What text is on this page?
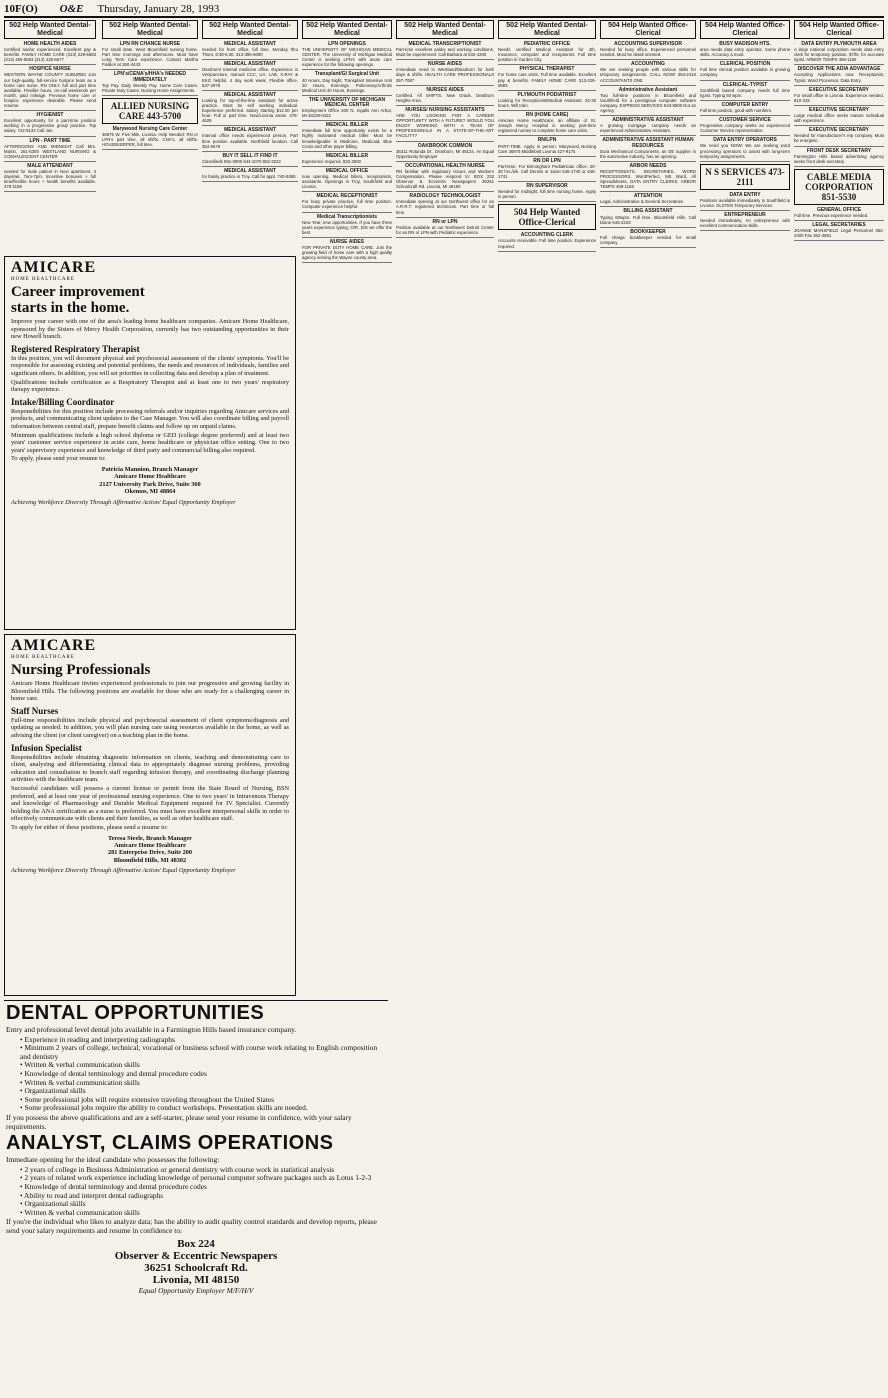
10F(O) O&E Thursday, January 28, 1993
502 Help Wanted Dental-Medical
HOME HEALTH AIDES
Certified and/or experienced. Excellent pay & benefits. FAMILY HOME CARE (313) 229-5683 (313) 455-5683 (313) 420-6677
HOSPICE NURSE
WESTERN WAYNE COUNTY SUBURBS Join our high-quality, full-service hospice team as a home care nurse. RN ONLY, full and part time available. Flexible hours, on-call weekends per month, paid mileage. Previous home care or hospice experience desirable. Please send resume.
HYGIENIST
Excellent opportunity for a part-time position working in a progressive group practice. Top salary. 722-5133 Call Jan.
LPN - PART TIME
AFTERNOONS AND MIDNIGHT Call Mrs. Martin, 261-5300 WESTLAND NURSING & CONVALESCENT CENTER
MALE ATTENDANT
needed for male patient in Novi apartment. 4 days/wk, 7am-7pm. Incentive bonuses + full time/flexible hours + health benefits available. 478-1155
502 Help Wanted Dental-Medical
LPN RN CHANCE NURSE
For small state. West Bloomfield nursing home. Part time mornings and afternoons. Must have Long Term Care experience. Contact Martha Fielden at 360-4443
LPN's/CENA's/HHA's NEEDED IMMEDIATELY
Top Pay. Daily Weekly Pay. Home Care Cases. Private Duty Cases. Nursing Home Assignments.
ALLIED NURSING CARE 443-5700
Marywood Nursing Care Center
36975 W. Five Mile, Livonia. Help Needed: RN or LPN's part time, all shifts. CNA's, all shifts. HOUSEKEEPER, full time.
502 Help Wanted Dental-Medical
MEDICAL ASSISTANT
needed for front office, full time. Monday thru Thurs, 8:30-6:30. 313-395-6090
MEDICAL ASSISTANT
Dearborn/ Internal medicine office. Experience in Venipuncture, manual CCC, UA, LAB, X-RAY & EKG helpful. 4 day work week, Flexible office. 537-2978
MEDICAL ASSISTANT
Looking for top-of-the-line assistant for active practice. Must be self working individual. Experience preferred. Salary starting $12.00 per hour. Full or part time. Novi/Livonia areas. 478-4629
MEDICAL ASSISTANT
Internal office needs experienced person. Part time position available. Northfield location. Call 354-6679
BUY IT SELL IT FIND IT
Classifieds 591-0900 644-1070 852-3222
MEDICAL ASSISTANT
for family practice in Troy. Call for appt. 740-9365
502 Help Wanted Dental-Medical
LPN OPENINGS
THE UNIVERSITY OF MICHIGAN MEDICAL CENTER. The University of Michigan Medical Center is seeking LPN's with acute care experience for the following openings.
Transplant/GI Surgical Unit
40 Hours, Day Night. Transplant Intensive Unit 20 Hours, Evenings. Pulmonary/Arthritis Medical Unit 40 Hours, Evenings.
THE UNIVERSITY OF MICHIGAN MEDICAL CENTER
Employment Office 300 N. Ingalls Ann Arbor, MI 48109-0422
MEDICAL BILLER
Immediate full time opportunity exists for a highly motivated medical biller. Must be knowledgeable in Medicare, Medicaid, Blue Cross and other payer billing.
MEDICAL BILLER
Experience required. 932-2500
MEDICAL OFFICE
now opening. Medical billers, receptionists, assistants. Openings in Troy, Southfield and Livonia.
MEDICAL RECEPTIONIST
For busy private practice, full time position. Computer experience helpful.
Medical Transcriptionists
New Year, new opportunities. If you have three years experience typing, O/R, D/S we offer the best.
NURSE AIDES
FOR PRIVATE DUTY HOME CARE. Join the growing field of home care with a high quality agency serving the Wayne county area.
502 Help Wanted Dental-Medical
MEDICAL TRANSCRIPTIONIST
Part-time excellent salary and working conditions. Must be experienced. Call Barbara at 532-4200
NURSE AIDES
Immediate need in Westland/Dearborn for both days & shifts. HEALTH CARE PROFESSIONALS 357-7087
NURSES AIDES
Certified. All SHIFTS. New Grads. Dearborn Heights Area.
NURSES/ NURSING ASSISTANTS
ARE YOU LOOKING FOR A CAREER OPPORTUNITY WITH A FUTURE? WOULD YOU ENJOY WORKING WITH A TEAM OF PROFESSIONALS IN A STATE-OF-THE-ART FACILITY?
OAKBROOK COMMON
36311 Rotunda Dr., Dearborn, MI 48124. An Equal Opportunity Employer
OCCUPATIONAL HEALTH NURSE
RN familiar with regulatory issues and Workers Compensation. Please respond to: BOX 232 Observer & Eccentric Newspapers 36251 Schoolcraft Rd. Livonia, MI 48150
RADIOLOGY TECHNOLOGIST
Immediate opening at our Northwest office for an A.R.R.T. registered technician. Part time or full time.
RN or LPN
Position available at our Northwest Detroit Center for an RN or LPN with Pediatric experience.
502 Help Wanted Dental-Medical
PEDIATRIC OFFICE
Needs certified Medical Assistant for 4th, Insurance, computer and receptionist. Full time position in Garden City.
PHYSICAL THERAPIST
For home care visits. Full time available. Excellent pay & benefits. FAMILY HOME CARE 313-229-5683
PLYMOUTH PODIATRIST
Looking for Receptionist/Medical Assistant. 32-35 hours. Will train.
RN (HOME CARE)
Amicare Home Healthcare, an affiliate of St. Joseph Mercy Hospital is seeking part-time registered nurses to complete home care visits.
RN/LPN
PART-TIME. Apply in person: Marywood Nursing Care 36975 Middlebelt Livonia 427-9175
RN OR LPN
Part-time. For Birmingham Pediatrician office. 20-30 hrs./wk. Call Dennis or Janet 645-1740 or 645-1741
RN SUPERVISOR
Needed for midnight, full time nursing home. Apply in person.
504 Help Wanted Office-Clerical
ACCOUNTING CLERK
Accounts receivable. Full time position. Experience required.
504 Help Wanted Office-Clerical
ACCOUNTING SUPERVISOR
Needed for busy office. Experienced personnel needed. Must be detail oriented.
ACCOUNTING
We are seeking people with various skills for temporary assignments. CALL NOW! 354-2410 ACCOUNTANTS ONE
Administrative Assistant
Two full-time positions in Bloomfield and Southfield for a prestigious computer software company. EXPRESS SERVICES 643-8500 Not an Agency
ADMINISTRATIVE ASSISTANT
A growing mortgage company needs an experienced Administrative Assistant.
ADMINISTRATIVE ASSISTANT HUMAN RESOURCES
Dura Mechanical Components, an OE supplier in the automotive industry, has an opening.
ARBOR NEEDS
RECEPTIONISTS, SECRETARIES, WORD PROCESSORS, WordPerfect, MS Word, All Spreadsheets, DATA ENTRY CLERKS. ARBOR TEMPS 459-1166
ATTENTION
Legal, Administrative & General Secretaries
BILLING ASSISTANT
Typing 60wpm. Full time. Bloomfield Hills. Call Diane 645-2233
BOOKKEEPER
Full charge bookkeeper needed for small company.
504 Help Wanted Office-Clerical
BUSY MADISON HTS.
area needs data entry operator. Some phone skills. Accuracy a must.
CLERICAL POSITION
Full time clerical position available in growing company.
CLERICAL-TYPIST
Southfield based company needs full time typist. Typing 50 wpm.
COMPUTER ENTRY
Full time position, good with numbers.
CUSTOMER SERVICE
Progressive company seeks an experienced Customer Service representative.
DATA ENTRY OPERATORS
We need you NOW! We are seeking word processing operators to assist with long-term temporary assignments.
N S SERVICES 473-2111
DATA ENTRY
Positions available immediately in Southfield & Livonia. OLSTEN Temporary Services
ENTREPRENEUR
Needed immediately. An entrepreneur with excellent communication skills.
504 Help Wanted Office-Clerical
DATA ENTRY PLYMOUTH AREA
A large national corporation needs data entry clerk for temporary position. $7/hr, for accurate typist. ARBOR TEMPS 459-1166
DISCOVER THE ADIA ADVANTAGE
Accepting Applications now. Receptionist, Typist, Word Processor, Data Entry.
EXECUTIVE SECRETARY
For small office in Livonia. Experience needed. 810-315
EXECUTIVE SECRETARY
Large medical office seeks mature individual with experience.
EXECUTIVE SECRETARY
Needed for manufacturer's rep company. Must be energetic.
FRONT DESK SECRETARY
Farmington Hills based advertising agency seeks front desk secretary.
CABLE MEDIA CORPORATION 851-5530
GENERAL OFFICE
Full time. Previous experience needed.
LEGAL SECRETARIES
JOANNE MANSFIELD Legal Personnel 362-3400 Fax 362-4881
AMICARE
HOME HEALTHCARE
Career improvement
starts in the home.

Improve your career with one of the area's leading home healthcare companies. Amicare Home Healthcare, sponsored by the Sisters of Mercy Health Corporation, currently has two outstanding opportunities in their new Howell branch.

Registered Respiratory Therapist

In this position, you will document physical and psychosocial assessment of the clients' symptoms. You'll be responsible for assessing existing and potential problems, the needs and resources of individuals, families and significant others. In addition, you will set priorities in collecting data and develop a plan of treatment.

Qualifications include certification as a Respiratory Therapist and at least one to two years' respiratory therapy experience.

Intake/Billing Coordinator

Responsibilities for this position include processing referrals and/or inquiries regarding Amicare services and products, and communicating client updates to the Case Manager. You will also coordinate billing and payroll information between central staff, prepare benefit claims and follow up on unpaid claims.

Minimum qualifications include a high school diploma or GED (college degree preferred) and at least two years' customer service experience in acute care, home healthcare or physician office setting. One to two years' supervisory experience and knowledge of third party and commercial billing also required.

To apply, please send your resume to:

Patricia Mannion, Branch Manager
Amicare Home Healthcare
2127 University Park Drive, Suite 360
Okemos, MI 48864
Achieving Workforce Diversity Through Affirmative Action/ Equal Opportunity Employer
AMICARE
HOME HEALTHCARE
Nursing Professionals

Amicare Home Healthcare invites experienced professionals to join our progressive and growing facility in Bloomfield Hills. The following positions are available for those who are ready for a challenging career in home care.

Staff Nurses

Full-time responsibilities include physical and psychosocial assessment of client symptoms/diagnosis and updating as needed. In addition, you will plan nursing care using resources available in the home, as well as advising the client (or client caregiver) on a teaching plan in the home.

Infusion Specialist

Responsibilities include obtaining diagnostic information on clients, teaching and demonstrating care to client, analyzing and differentiating clinical data to appropriately diagnose nursing problems, providing education and consultation to branch staff regarding infusion therapy, and coordinating discharge planning activities with the healthcare team.

Successful candidates will possess a current license or permit from the State Board of Nursing, BSN preferred, and at least one year of professional nursing experience. One to two years' in Intravenous Therapy and knowledge of Pharmacology and Durable Medical Equipment required for IV Specialist. Currently holding the ANA certification as a nurse is preferred. You must have excellent interpersonal skills in order to effectively communicate with clients and their families, as well as other healthcare staff.

To apply for either of these positions, please send a resume to:

Teresa Steele, Branch Manager
Amicare Home Healthcare
281 Enterprise Drive, Suite 200
Bloomfield Hills, MI 48302
Achieving Workforce Diversity Through Affirmative Action/ Equal Opportunity Employer
DENTAL OPPORTUNITIES

Entry and professional level dental jobs available in a Farmington Hills based insurance company.

• Experience in reading and interpreting radiographs
• Minimum 2 years of college, technical, vocational or business school with course work relating to English composition and dentistry
• Written & verbal communication skills
• Knowledge of dental terminology and dental procedure codes
• Written & verbal communication skills
• Organizational skills
• Some professional jobs will require extensive traveling throughout the United States
• Some professional jobs require the ability to conduct workshops. Presentation skills are needed.

If you possess the above qualifications and are a self-starter, please send your resume in confidence, with your salary requirements.

ANALYST, CLAIMS OPERATIONS

Immediate opening for the ideal candidate who possesses the following:

• 2 years of college in Business Administration or general dentistry with course work in statistical analysis
• 2 years of related work experience including knowledge of personal computer software packages such as Lotus 1-2-3
• Knowledge of dental terminology and dental procedure codes
• Ability to read and interpret dental radiographs
• Organizational skills
• Written & verbal communication skills

If you're the individual who likes to analyze data; has the ability to audit quality control standards and develop reports, please send your salary requirements and resume in confidence to:

Box 224
Observer & Eccentric Newspapers
36251 Schoolcraft Rd.
Livonia, MI 48150
Equal Opportunity Employer M/F/H/V
